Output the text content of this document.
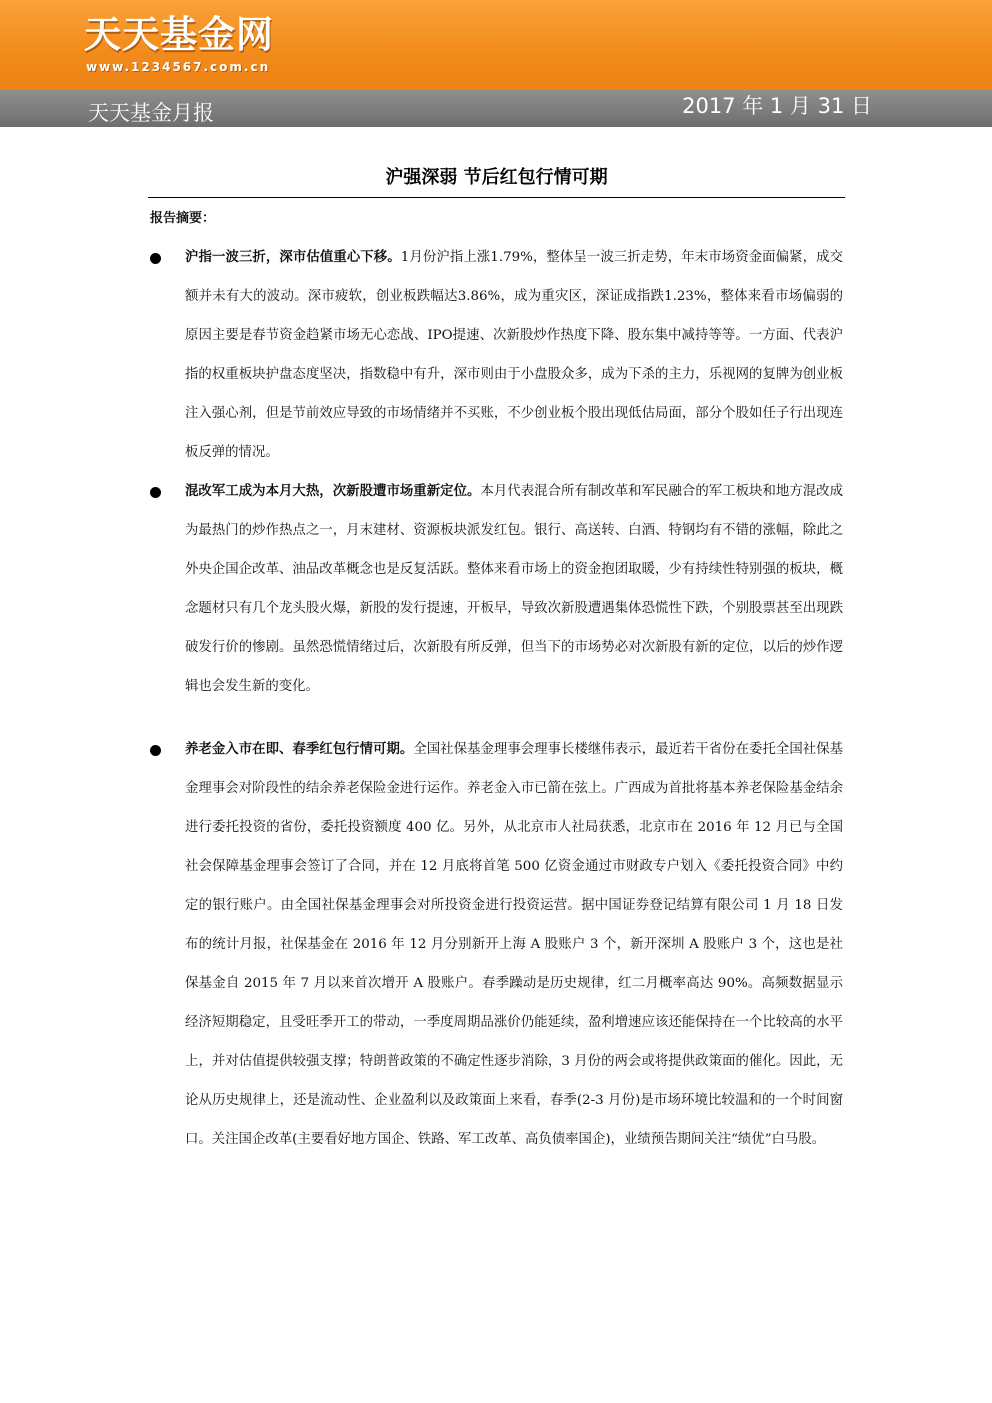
天天基金网
www.1234567.com.cn
天天基金月报	2017 年 1 月 31 日
沪强深弱 节后红包行情可期
报告摘要：
沪指一波三折，深市估值重心下移。1月份沪指上涨1.79%，整体呈一波三折走势，年末市场资金面偏紧，成交额并未有大的波动。深市疲软，创业板跌幅达3.86%，成为重灾区，深证成指跌1.23%，整体来看市场偏弱的原因主要是春节资金趋紧市场无心恋战、IPO提速、次新股炒作热度下降、股东集中减持等等。一方面、代表沪指的权重板块护盘态度坚决，指数稳中有升，深市则由于小盘股众多，成为下杀的主力，乐视网的复牌为创业板注入强心剂，但是节前效应导致的市场情绪并不买账，不少创业板个股出现低估局面，部分个股如任子行出现连板反弹的情况。
混改军工成为本月大热，次新股遭市场重新定位。本月代表混合所有制改革和军民融合的军工板块和地方混改成为最热门的炒作热点之一，月末建材、资源板块派发红包。银行、高送转、白酒、特钢均有不错的涨幅，除此之外央企国企改革、油品改革概念也是反复活跃。整体来看市场上的资金抱团取暖，少有持续性特别强的板块，概念题材只有几个龙头股火爆，新股的发行提速，开板早，导致次新股遭遇集体恐慌性下跌，个别股票甚至出现跌破发行价的惨剧。虽然恐慌情绪过后，次新股有所反弹，但当下的市场势必对次新股有新的定位，以后的炒作逻辑也会发生新的变化。
养老金入市在即、春季红包行情可期。全国社保基金理事会理事长楼继伟表示，最近若干省份在委托全国社保基金理事会对阶段性的结余养老保险金进行运作。养老金入市已箭在弦上。广西成为首批将基本养老保险基金结余进行委托投资的省份，委托投资额度 400 亿。另外，从北京市人社局获悉，北京市在 2016 年 12 月已与全国社会保障基金理事会签订了合同，并在 12 月底将首笔 500 亿资金通过市财政专户划入《委托投资合同》中约定的银行账户。由全国社保基金理事会对所投资金进行投资运营。据中国证券登记结算有限公司 1 月 18 日发布的统计月报，社保基金在 2016 年 12 月分别新开上海 A 股账户 3 个，新开深圳 A 股账户 3 个，这也是社保基金自 2015 年 7 月以来首次增开 A 股账户。春季躁动是历史规律，红二月概率高达 90%。高频数据显示经济短期稳定，且受旺季开工的带动，一季度周期品涨价仍能延续，盈利增速应该还能保持在一个比较高的水平上，并对估值提供较强支撑；特朗普政策的不确定性逐步消除，3 月份的两会或将提供政策面的催化。因此，无论从历史规律上，还是流动性、企业盈利以及政策面上来看，春季(2-3 月份)是市场环境比较温和的一个时间窗口。关注国企改革(主要看好地方国企、铁路、军工改革、高负债率国企)，业绩预告期间关注“绩优”白马股。
